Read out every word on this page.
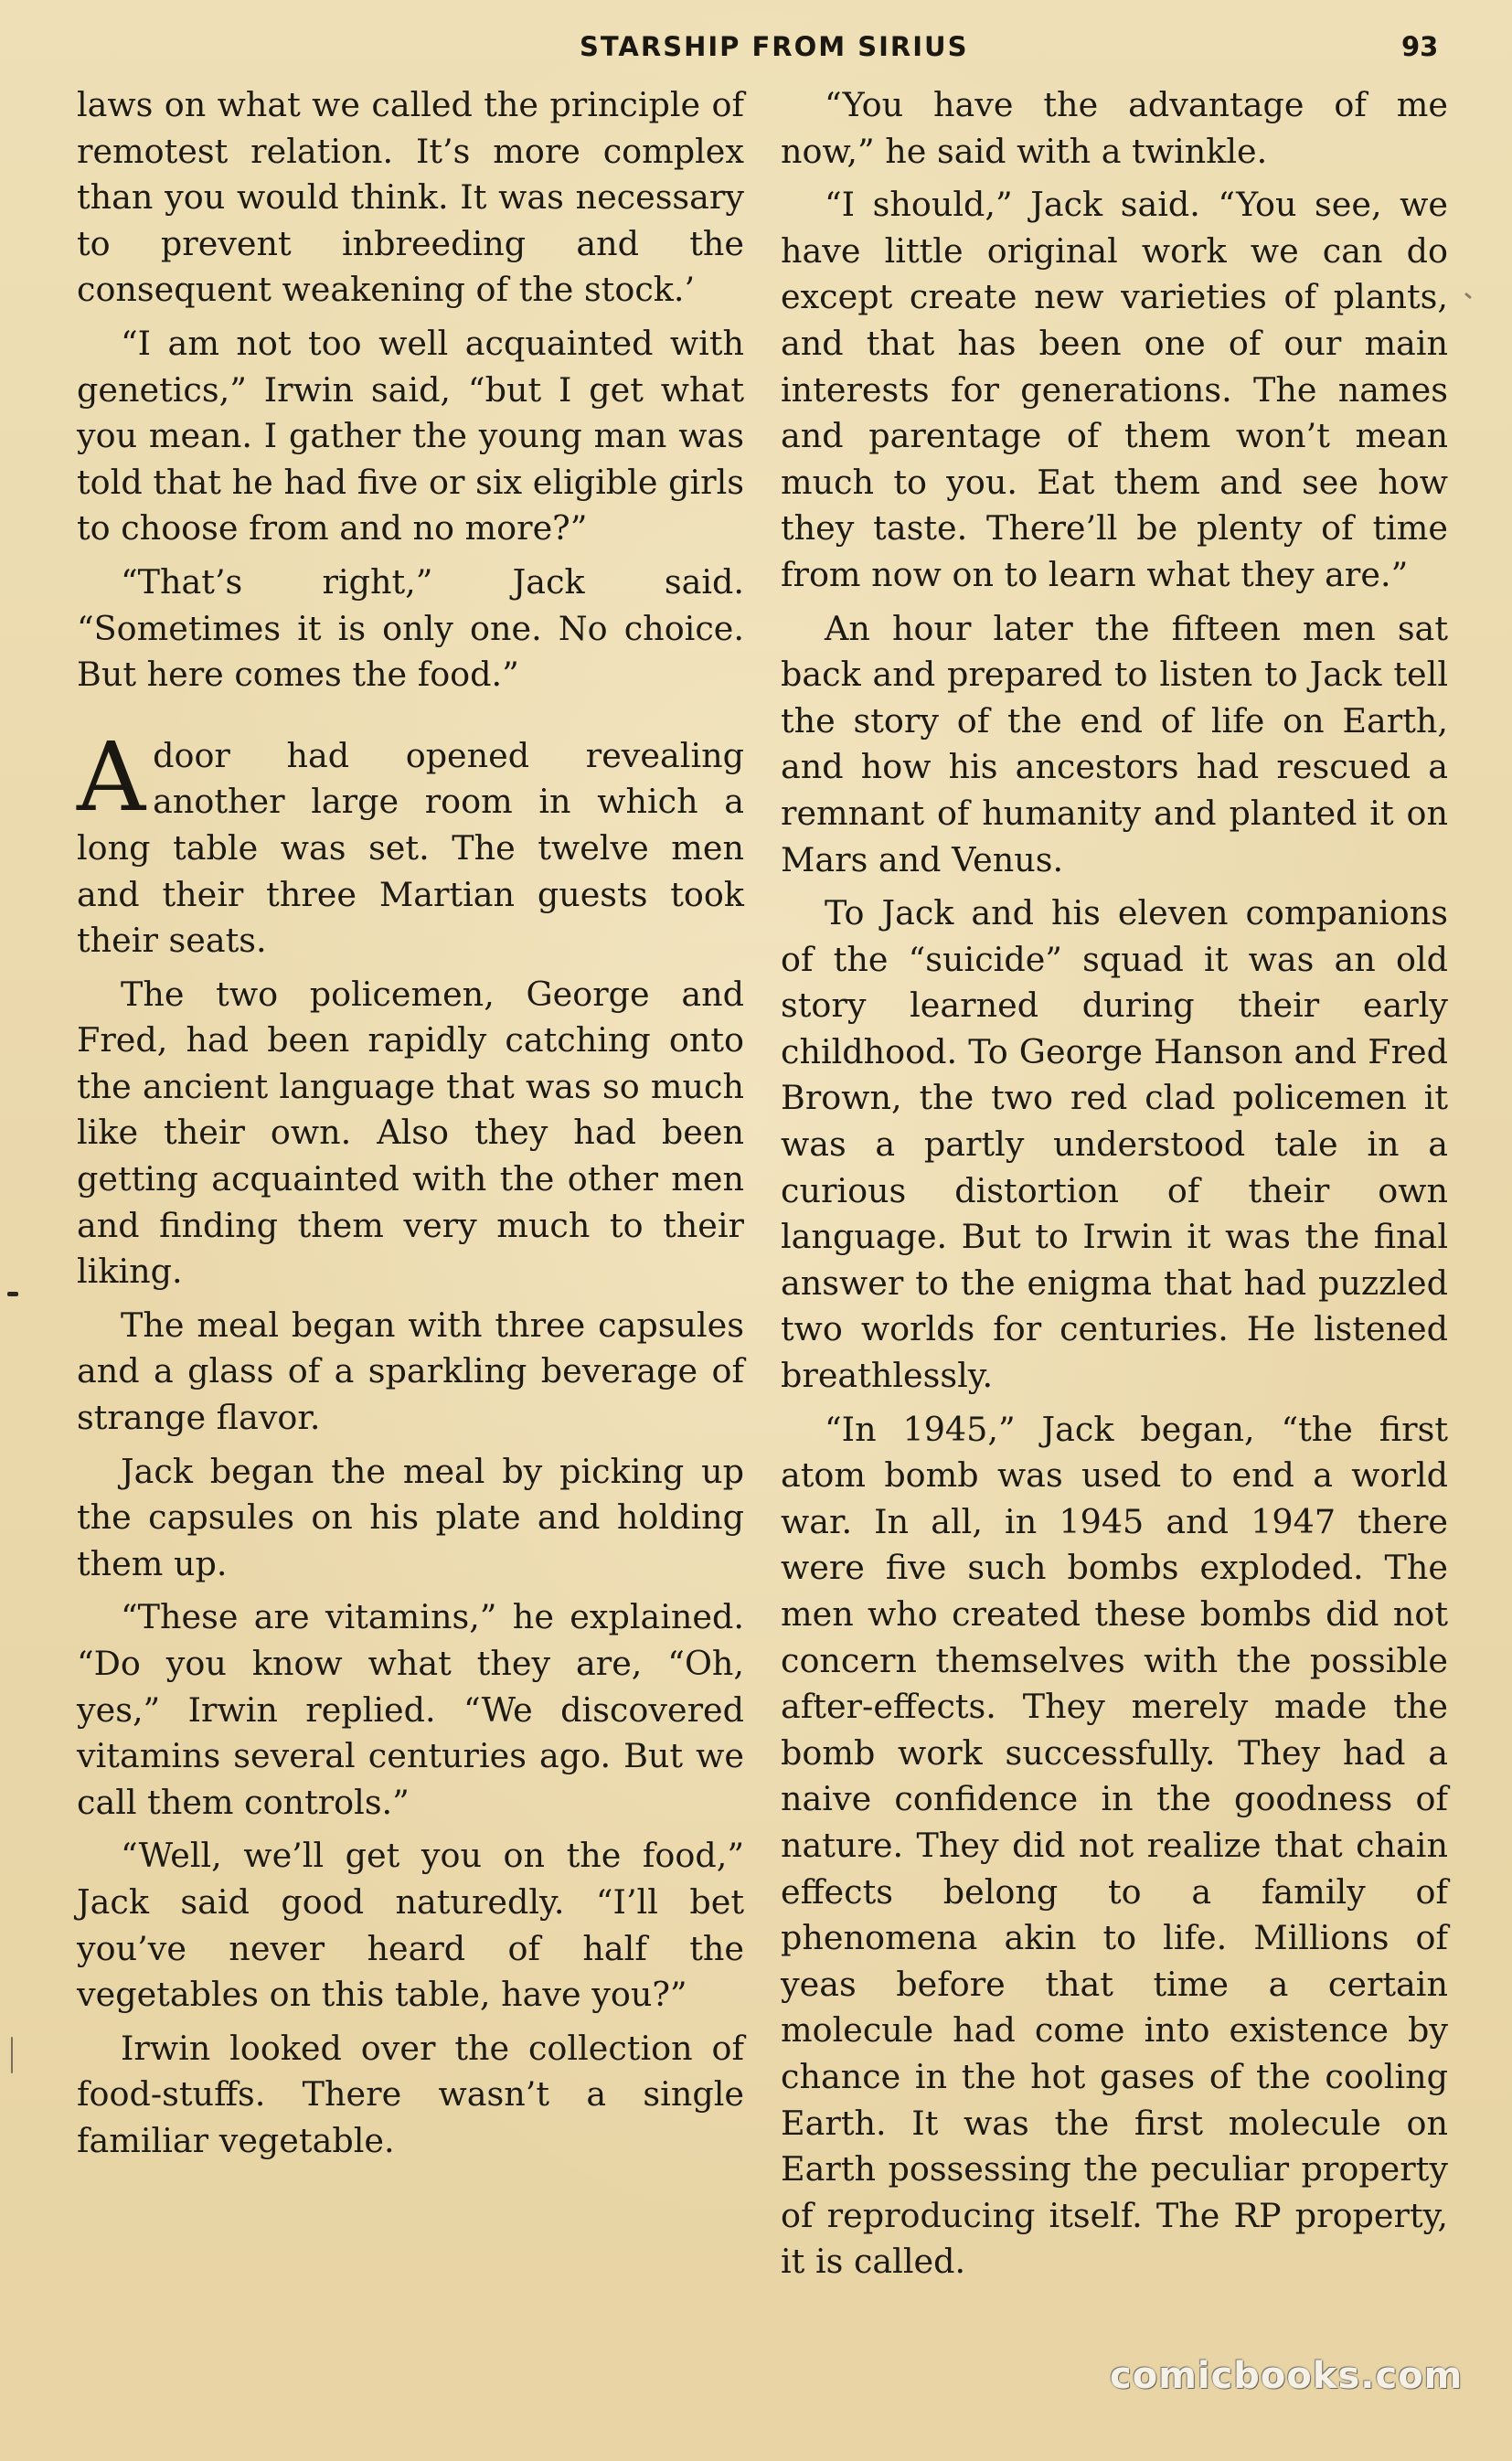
STARSHIP FROM SIRIUS	93

laws on what we called the principle of remotest relation. It’s more complex than you would think. It was necessary to prevent inbreeding and the consequent weakening of the stock.’

“I am not too well acquainted with genetics,” Irwin said, “but I get what you mean. I gather the young man was told that he had five or six eligible girls to choose from and no more?”

“That’s right,” Jack said. “Sometimes it is only one. No choice. But here comes the food.”

Adoor had opened revealing another large room in which a long table was set. The twelve men and their three Martian guests took their seats.

The two policemen, George and Fred, had been rapidly catching onto the ancient language that was so much like their own. Also they had been getting acquainted with the other men and finding them very much to their liking.

The meal began with three capsules and a glass of a sparkling beverage of strange flavor.

Jack began the meal by picking up the capsules on his plate and holding them up.

“These are vitamins,” he explained. “Do you know what they are, “Oh, yes,” Irwin replied. “We discovered vitamins several centuries ago. But we call them controls.”

“Well, we’ll get you on the food,” Jack said good naturedly. “I’ll bet you’ve never heard of half the vegetables on this table, have you?”

Irwin looked over the collection of food-stuffs. There wasn’t a single familiar vegetable.

“You have the advantage of me now,” he said with a twinkle.

“I should,” Jack said. “You see, we have little original work we can do except create new varieties of plants, and that has been one of our main interests for generations. The names and parentage of them won’t mean much to you. Eat them and see how they taste. There’ll be plenty of time from now on to learn what they are.”

An hour later the fifteen men sat back and prepared to listen to Jack tell the story of the end of life on Earth, and how his ancestors had rescued a remnant of humanity and planted it on Mars and Venus.

To Jack and his eleven companions of the “suicide” squad it was an old story learned during their early childhood. To George Hanson and Fred Brown, the two red clad policemen it was a partly understood tale in a curious distortion of their own language. But to Irwin it was the final answer to the enigma that had puzzled two worlds for centuries. He listened breathlessly.

“In 1945,” Jack began, “the first atom bomb was used to end a world war. In all, in 1945 and 1947 there were five such bombs exploded. The men who created these bombs did not concern themselves with the possible after-effects. They merely made the bomb work successfully. They had a naive confidence in the goodness of nature. They did not realize that chain effects belong to a family of phenomena akin to life. Millions of yeas before that time a certain molecule had come into existence by chance in the hot gases of the cooling Earth. It was the first molecule on Earth possessing the peculiar property of reproducing itself. The RP property, it is called.

comicbooks.com
